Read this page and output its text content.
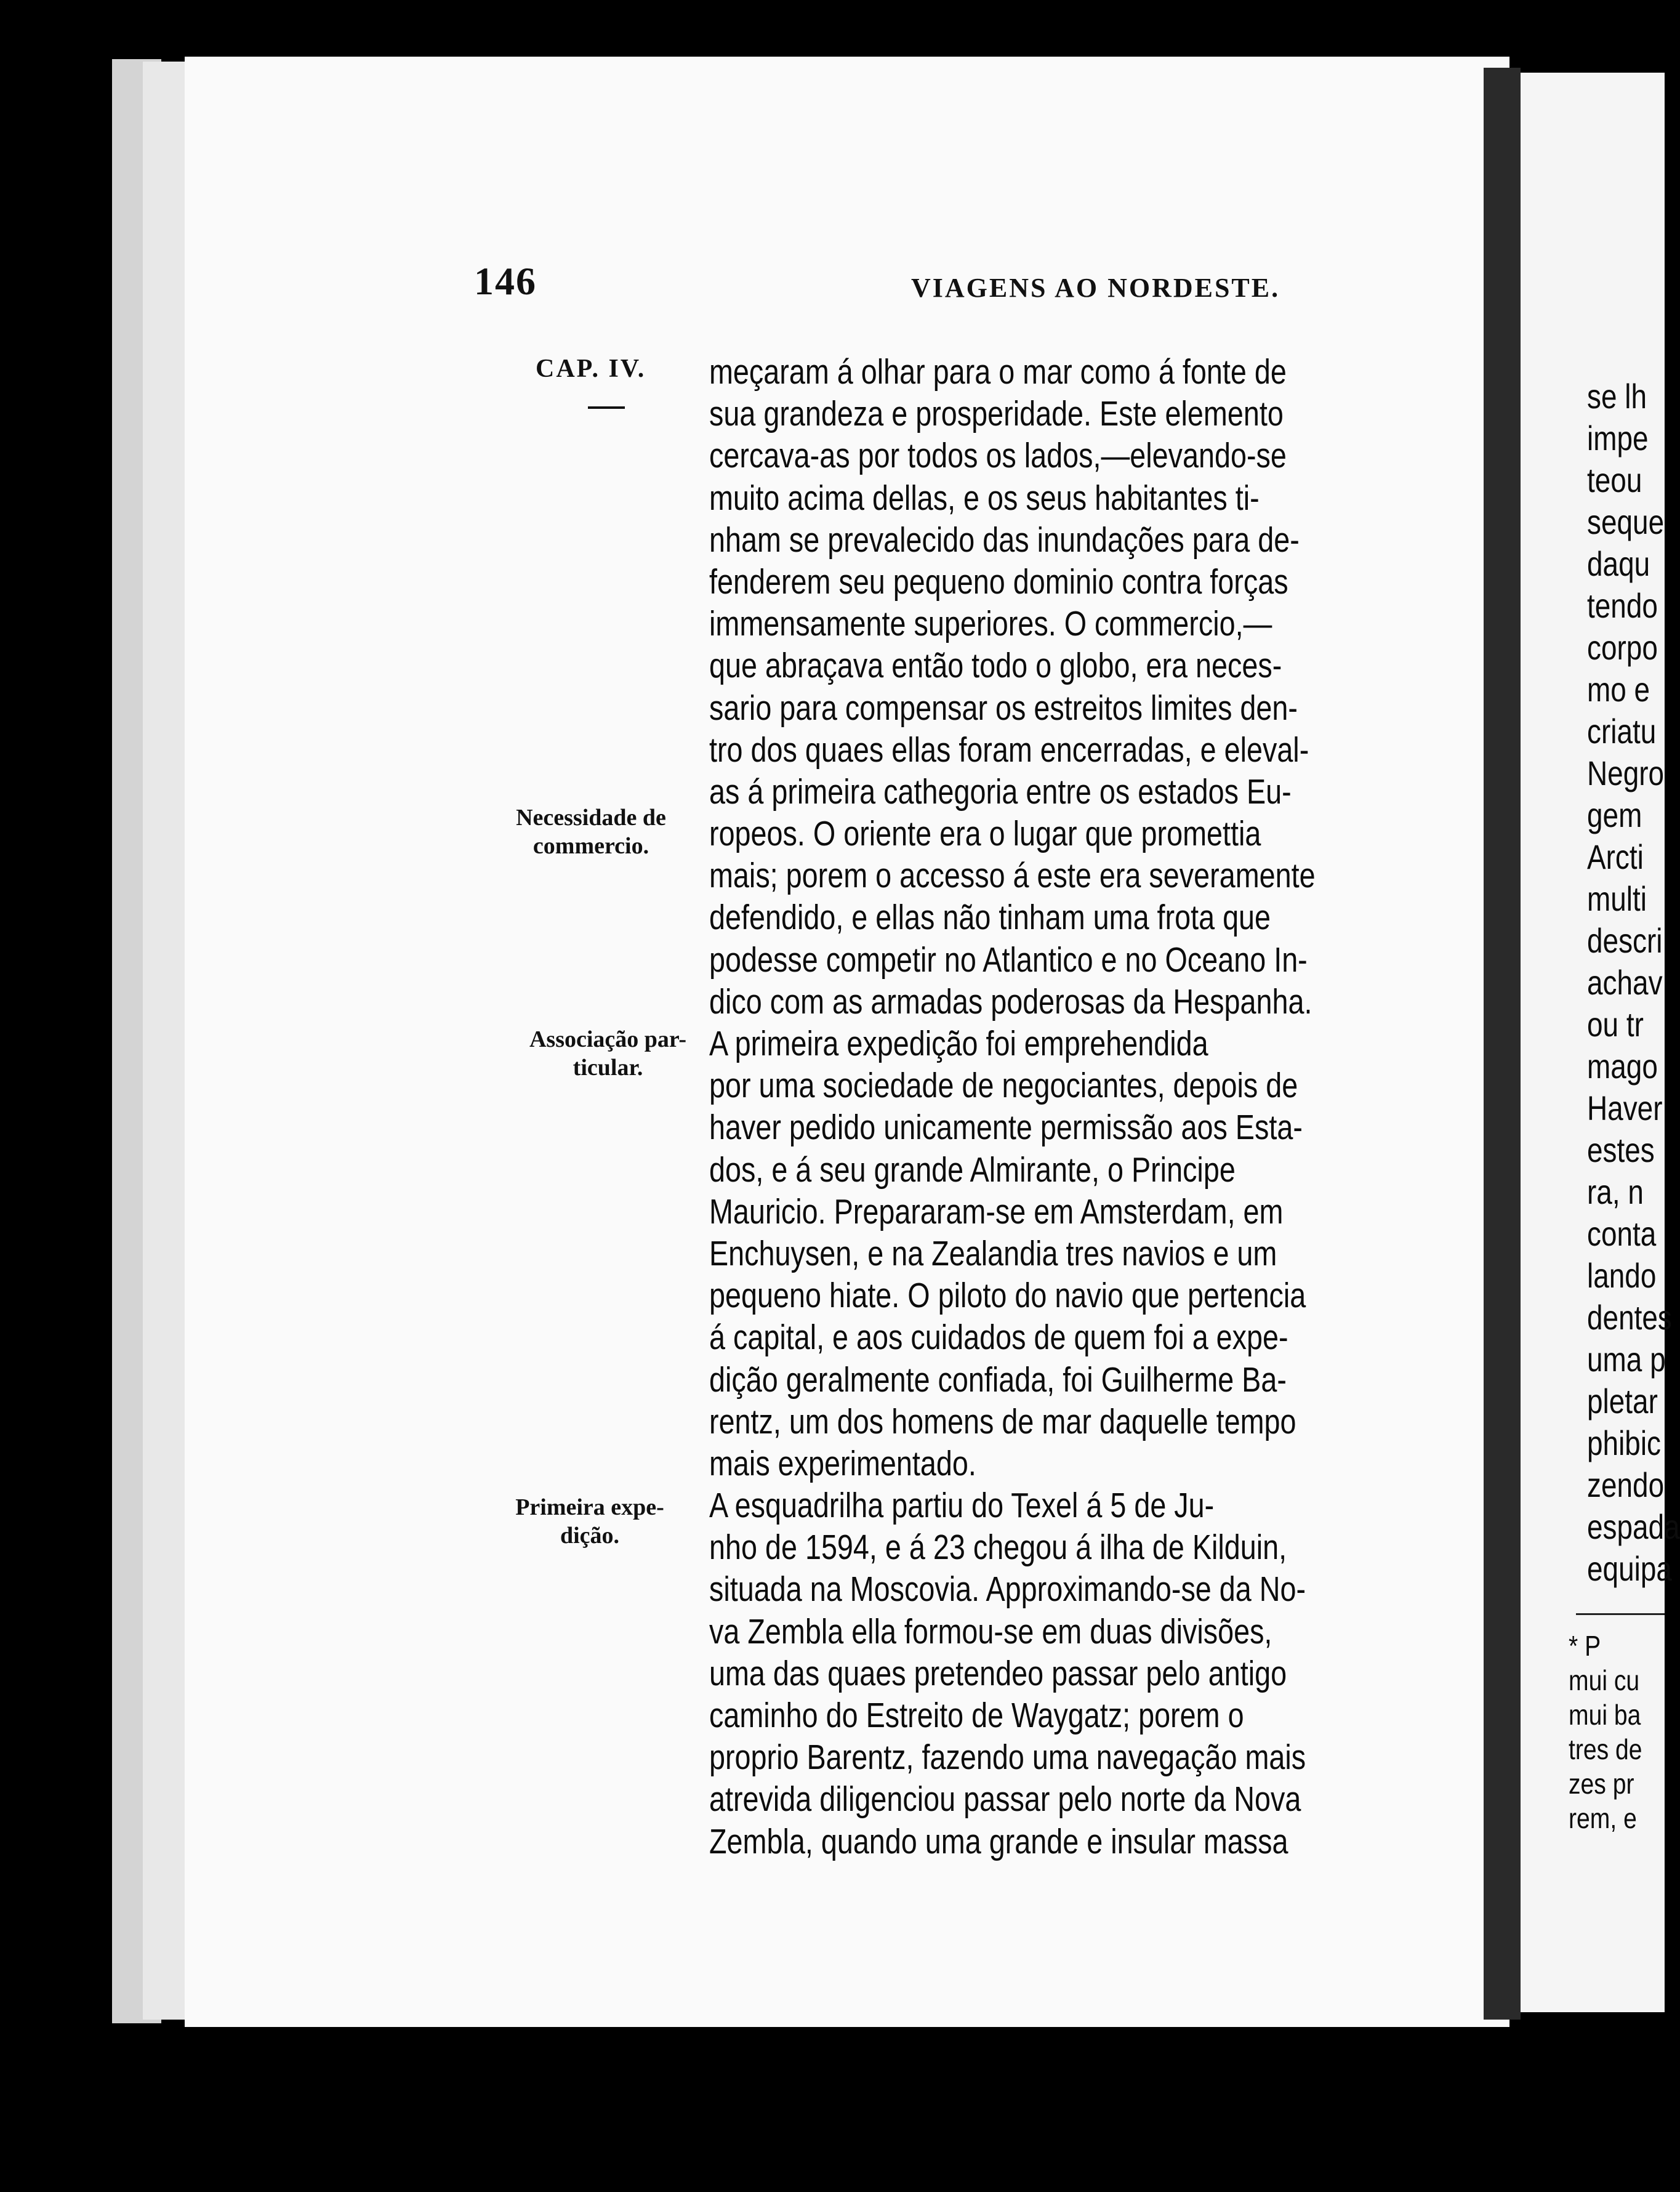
146	VIAGENS AO NORDESTE.
CAP. IV.
Necessidade de
commercio.
Associação par-
ticular.
Primeira expe-
dição.
meçaram á olhar para o mar como á fonte de
sua grandeza e prosperidade. Este elemento
cercava-as por todos os lados,—elevando-se
muito acima dellas, e os seus habitantes ti-
nham se prevalecido das inundações para de-
fenderem seu pequeno dominio contra forças
immensamente superiores. O commercio,—
que abraçava então todo o globo, era neces-
sario para compensar os estreitos limites den-
tro dos quaes ellas foram encerradas, e eleval-
as á primeira cathegoria entre os estados Eu-
ropeos. O oriente era o lugar que promettia
mais; porem o accesso á este era severamente
defendido, e ellas não tinham uma frota que
podesse competir no Atlantico e no Oceano In-
dico com as armadas poderosas da Hespanha.
A primeira expedição foi emprehendida
por uma sociedade de negociantes, depois de
haver pedido unicamente permissão aos Esta-
dos, e á seu grande Almirante, o Principe
Mauricio. Prepararam-se em Amsterdam, em
Enchuysen, e na Zealandia tres navios e um
pequeno hiate. O piloto do navio que pertencia
á capital, e aos cuidados de quem foi a expe-
dição geralmente confiada, foi Guilherme Ba-
rentz, um dos homens de mar daquelle tempo
mais experimentado.
A esquadrilha partiu do Texel á 5 de Ju-
nho de 1594, e á 23 chegou á ilha de Kilduin,
situada na Moscovia. Approximando-se da No-
va Zembla ella formou-se em duas divisões,
uma das quaes pretendeo passar pelo antigo
caminho do Estreito de Waygatz; porem o
proprio Barentz, fazendo uma navegação mais
atrevida diligenciou passar pelo norte da Nova
Zembla, quando uma grande e insular massa
se lh
impe
teou
seque
daqu
tendo
corpo
mo e
criatu
Negro
gem
Arcti
multi
descri
achav
ou tr
mago
Haver
estes
ra, n
conta
lando
dentes
uma p
pletar
phibic
zendo
espada
equipa
* P
mui cu
mui ba
tres de
zes pr
rem, e
